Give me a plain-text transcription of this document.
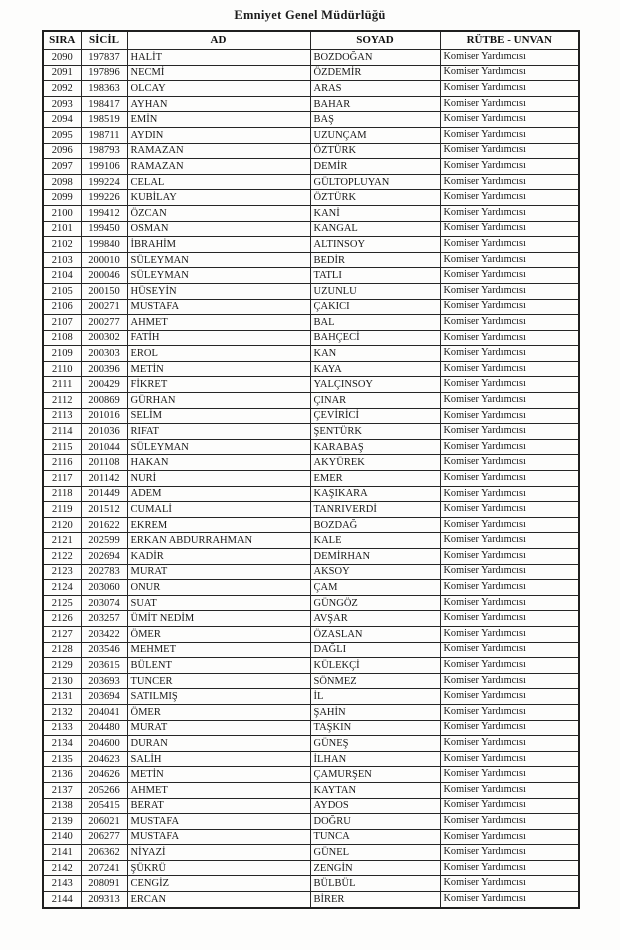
Emniyet Genel Müdürlüğü
SIRA	SİCİL	AD	SOYAD	RÜTBE - UNVAN
2090	197837	HALİT	BOZDOĞAN	Komiser Yardımcısı
2091	197896	NECMİ	ÖZDEMİR	Komiser Yardımcısı
2092	198363	OLCAY	ARAS	Komiser Yardımcısı
2093	198417	AYHAN	BAHAR	Komiser Yardımcısı
2094	198519	EMİN	BAŞ	Komiser Yardımcısı
2095	198711	AYDIN	UZUNÇAM	Komiser Yardımcısı
2096	198793	RAMAZAN	ÖZTÜRK	Komiser Yardımcısı
2097	199106	RAMAZAN	DEMİR	Komiser Yardımcısı
2098	199224	CELAL	GÜLTOPLUYAN	Komiser Yardımcısı
2099	199226	KUBİLAY	ÖZTÜRK	Komiser Yardımcısı
2100	199412	ÖZCAN	KANİ	Komiser Yardımcısı
2101	199450	OSMAN	KANGAL	Komiser Yardımcısı
2102	199840	İBRAHİM	ALTINSOY	Komiser Yardımcısı
2103	200010	SÜLEYMAN	BEDİR	Komiser Yardımcısı
2104	200046	SÜLEYMAN	TATLI	Komiser Yardımcısı
2105	200150	HÜSEYİN	UZUNLU	Komiser Yardımcısı
2106	200271	MUSTAFA	ÇAKICI	Komiser Yardımcısı
2107	200277	AHMET	BAL	Komiser Yardımcısı
2108	200302	FATİH	BAHÇECİ	Komiser Yardımcısı
2109	200303	EROL	KAN	Komiser Yardımcısı
2110	200396	METİN	KAYA	Komiser Yardımcısı
2111	200429	FİKRET	YALÇINSOY	Komiser Yardımcısı
2112	200869	GÜRHAN	ÇINAR	Komiser Yardımcısı
2113	201016	SELİM	ÇEVİRİCİ	Komiser Yardımcısı
2114	201036	RIFAT	ŞENTÜRK	Komiser Yardımcısı
2115	201044	SÜLEYMAN	KARABAŞ	Komiser Yardımcısı
2116	201108	HAKAN	AKYÜREK	Komiser Yardımcısı
2117	201142	NURİ	EMER	Komiser Yardımcısı
2118	201449	ADEM	KAŞIKARA	Komiser Yardımcısı
2119	201512	CUMALİ	TANRIVERDİ	Komiser Yardımcısı
2120	201622	EKREM	BOZDAĞ	Komiser Yardımcısı
2121	202599	ERKAN ABDURRAHMAN	KALE	Komiser Yardımcısı
2122	202694	KADİR	DEMİRHAN	Komiser Yardımcısı
2123	202783	MURAT	AKSOY	Komiser Yardımcısı
2124	203060	ONUR	ÇAM	Komiser Yardımcısı
2125	203074	SUAT	GÜNGÖZ	Komiser Yardımcısı
2126	203257	ÜMİT NEDİM	AVŞAR	Komiser Yardımcısı
2127	203422	ÖMER	ÖZASLAN	Komiser Yardımcısı
2128	203546	MEHMET	DAĞLI	Komiser Yardımcısı
2129	203615	BÜLENT	KÜLEKÇİ	Komiser Yardımcısı
2130	203693	TUNCER	SÖNMEZ	Komiser Yardımcısı
2131	203694	SATILMIŞ	İL	Komiser Yardımcısı
2132	204041	ÖMER	ŞAHİN	Komiser Yardımcısı
2133	204480	MURAT	TAŞKIN	Komiser Yardımcısı
2134	204600	DURAN	GÜNEŞ	Komiser Yardımcısı
2135	204623	SALİH	İLHAN	Komiser Yardımcısı
2136	204626	METİN	ÇAMURŞEN	Komiser Yardımcısı
2137	205266	AHMET	KAYTAN	Komiser Yardımcısı
2138	205415	BERAT	AYDOS	Komiser Yardımcısı
2139	206021	MUSTAFA	DOĞRU	Komiser Yardımcısı
2140	206277	MUSTAFA	TUNCA	Komiser Yardımcısı
2141	206362	NİYAZİ	GÜNEL	Komiser Yardımcısı
2142	207241	ŞÜKRÜ	ZENGİN	Komiser Yardımcısı
2143	208091	CENGİZ	BÜLBÜL	Komiser Yardımcısı
2144	209313	ERCAN	BİRER	Komiser Yardımcısı
